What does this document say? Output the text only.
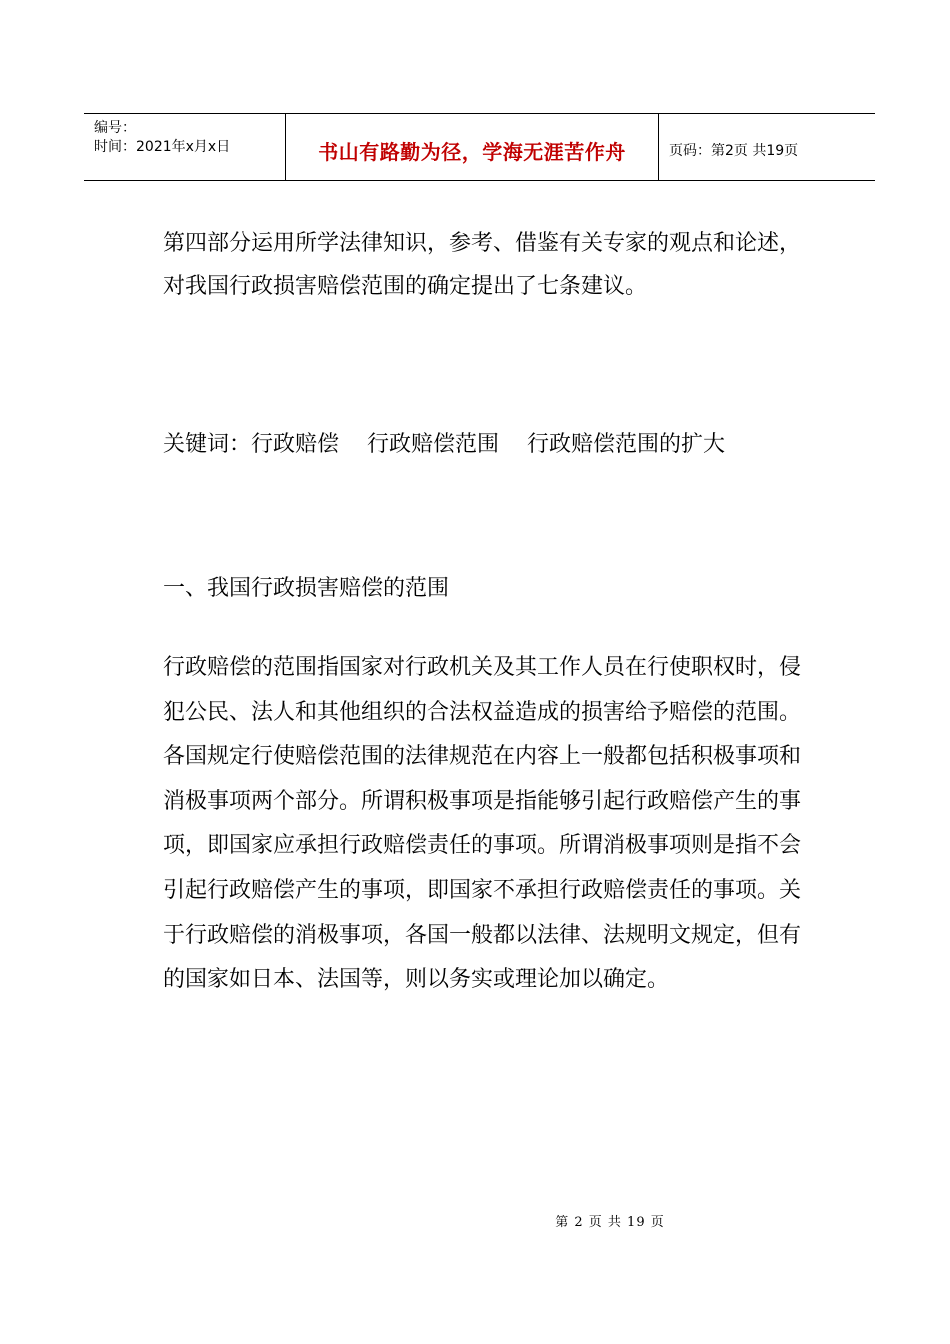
编号：
时间：2021年x月x日	书山有路勤为径，学海无涯苦作舟	页码：第2页 共19页
第四部分运用所学法律知识，参考、借鉴有关专家的观点和论述，对我国行政损害赔偿范围的确定提出了七条建议。
关键词：行政赔偿 行政赔偿范围 行政赔偿范围的扩大
一、我国行政损害赔偿的范围
行政赔偿的范围指国家对行政机关及其工作人员在行使职权时，侵犯公民、法人和其他组织的合法权益造成的损害给予赔偿的范围。各国规定行使赔偿范围的法律规范在内容上一般都包括积极事项和消极事项两个部分。所谓积极事项是指能够引起行政赔偿产生的事项，即国家应承担行政赔偿责任的事项。所谓消极事项则是指不会引起行政赔偿产生的事项，即国家不承担行政赔偿责任的事项。关于行政赔偿的消极事项，各国一般都以法律、法规明文规定，但有的国家如日本、法国等，则以务实或理论加以确定。
第 2 页 共 19 页
